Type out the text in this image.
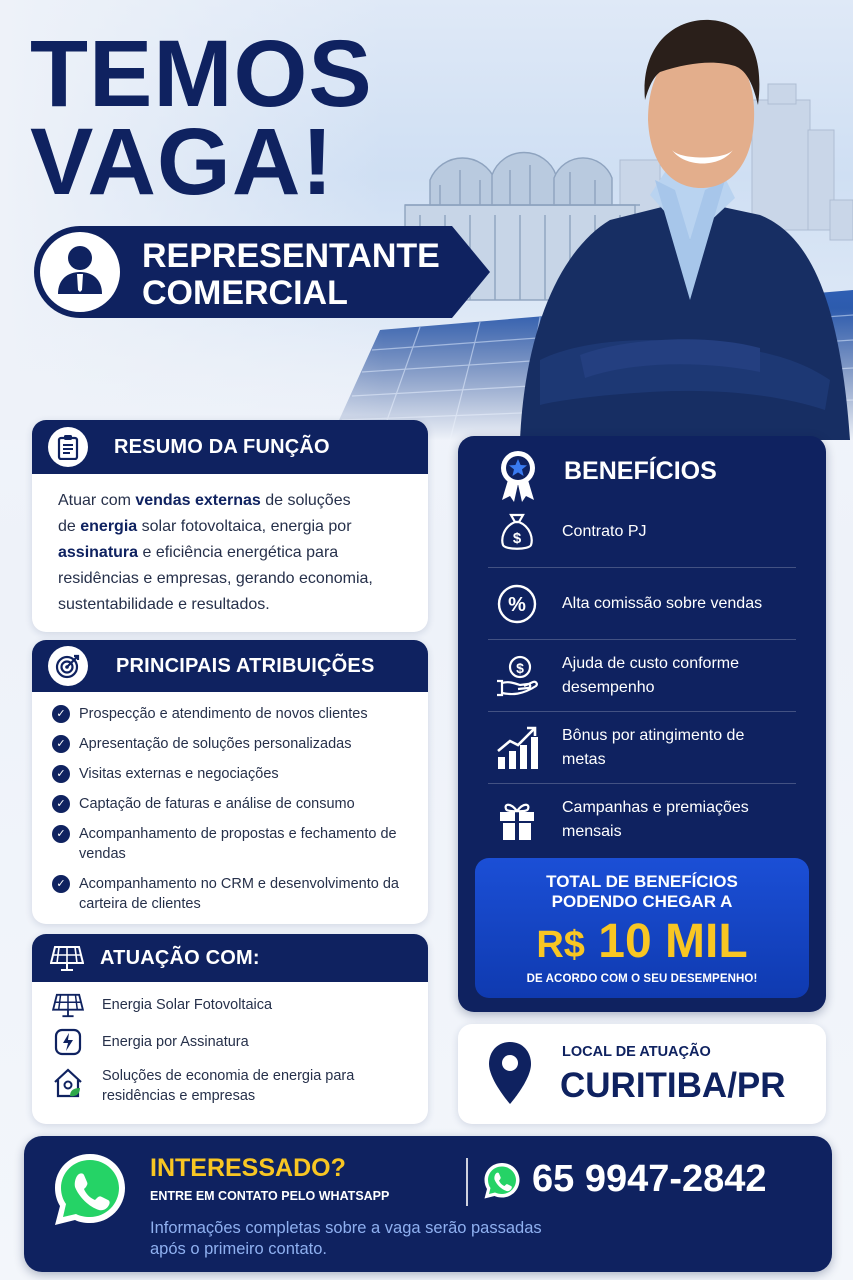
TEMOS
VAGA!
REPRESENTANTE
COMERCIAL
RESUMO DA FUNÇÃO
Atuar com vendas externas de soluções
de energia solar fotovoltaica, energia por
assinatura e eficiência energética para
residências e empresas, gerando economia,
sustentabilidade e resultados.
PRINCIPAIS ATRIBUIÇÕES
✓ Prospecção e atendimento de novos clientes
✓ Apresentação de soluções personalizadas
✓ Visitas externas e negociações
✓ Captação de faturas e análise de consumo
✓ Acompanhamento de propostas e fechamento de vendas
✓ Acompanhamento no CRM e desenvolvimento da carteira de clientes
ATUAÇÃO COM:
Energia Solar Fotovoltaica
Energia por Assinatura
Soluções de economia de energia para residências e empresas
BENEFÍCIOS
$	Contrato PJ
% Alta comissão sobre vendas
$ Ajuda de custo conforme desempenho
Bônus por atingimento de metas
Campanhas e premiações mensais
TOTAL DE BENEFÍCIOS
PODENDO CHEGAR A
R$ 10 MIL
DE ACORDO COM O SEU DESEMPENHO!
LOCAL DE ATUAÇÃO
CURITIBA/PR
INTERESSADO?
ENTRE EM CONTATO PELO WHATSAPP	65 9947-2842
Informações completas sobre a vaga serão passadas
após o primeiro contato.
